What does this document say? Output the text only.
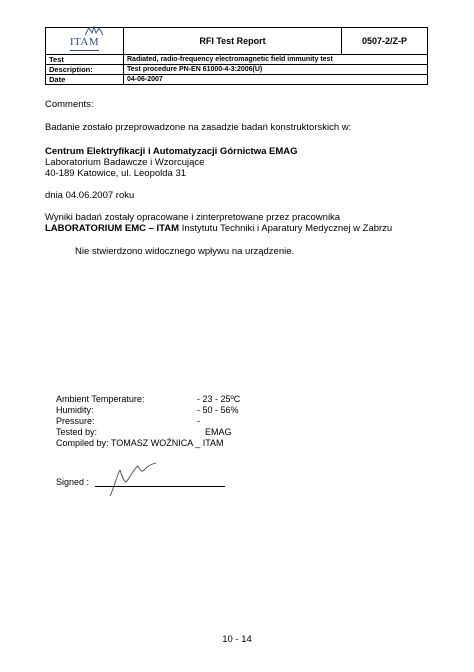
ITAM	RFI Test Report	0507-2/Z-P
Test	Radiated, radio-frequency electromagnetic field immunity test	
Description:	Test procedure PN-EN 61000-4-3:2006(U)	
Date	04-06-2007	
Comments:
Badanie zostało przeprowadzone na zasadzie badań konstruktorskich w:
Centrum Elektryfikacji i Automatyzacji Górnictwa EMAG
Laboratorium Badawcze i Wzorcujące
40-189 Katowice, ul. Leopolda 31
dnia 04.06.2007 roku
Wyniki badań zostały opracowane i zinterpretowane przez pracownika
LABORATORIUM EMC – ITAM Instytutu Techniki i Aparatury Medycznej w Zabrzu
Nie stwierdzono widocznego wpływu na urządzenie.
Ambient Temperature:	- 23 - 25ºC
Humidity:	- 50 - 56%
Pressure:	-
Tested by:	EMAG
Compiled by: TOMASZ WOŹNICA _ ITAM
Signed :
10 - 14
